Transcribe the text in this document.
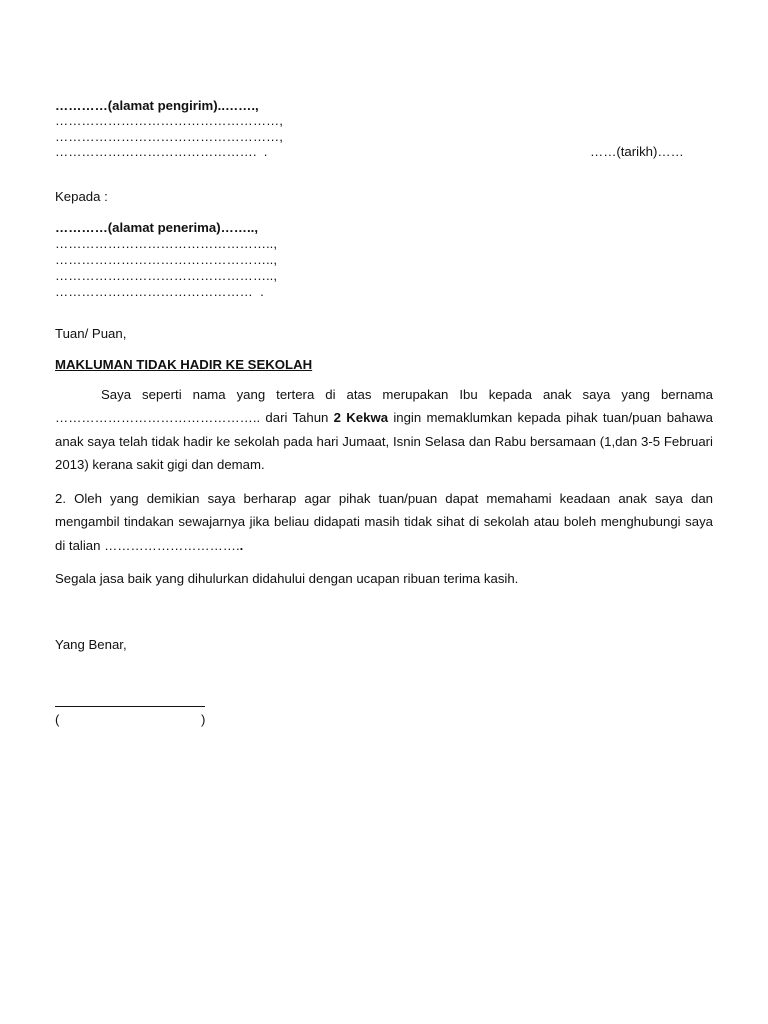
…………(alamat pengirim)..…….,
……………………………………………,
……………………………………………,
……………………………………….  .	……(tarikh)……
Kepada :
…………(alamat penerima)……..,
…………………………………………..,
…………………………………………..,
…………………………………………..,
………………………………………  .
Tuan/ Puan,
MAKLUMAN TIDAK HADIR KE SEKOLAH
Saya seperti nama yang tertera di atas merupakan Ibu kepada anak saya yang bernama ……………………………………….. dari Tahun 2 Kekwa ingin memaklumkan kepada pihak tuan/puan bahawa anak saya telah tidak hadir ke sekolah pada hari Jumaat, Isnin Selasa dan Rabu bersamaan (1,dan 3-5 Februari 2013) kerana sakit gigi dan demam.
2. Oleh yang demikian saya berharap agar pihak tuan/puan dapat memahami keadaan anak saya dan mengambil tindakan sewajarnya jika beliau didapati masih tidak sihat di sekolah atau boleh menghubungi saya di talian …………………………..
Segala jasa baik yang dihulurkan didahului dengan ucapan ribuan terima kasih.
Yang Benar,
(	)
